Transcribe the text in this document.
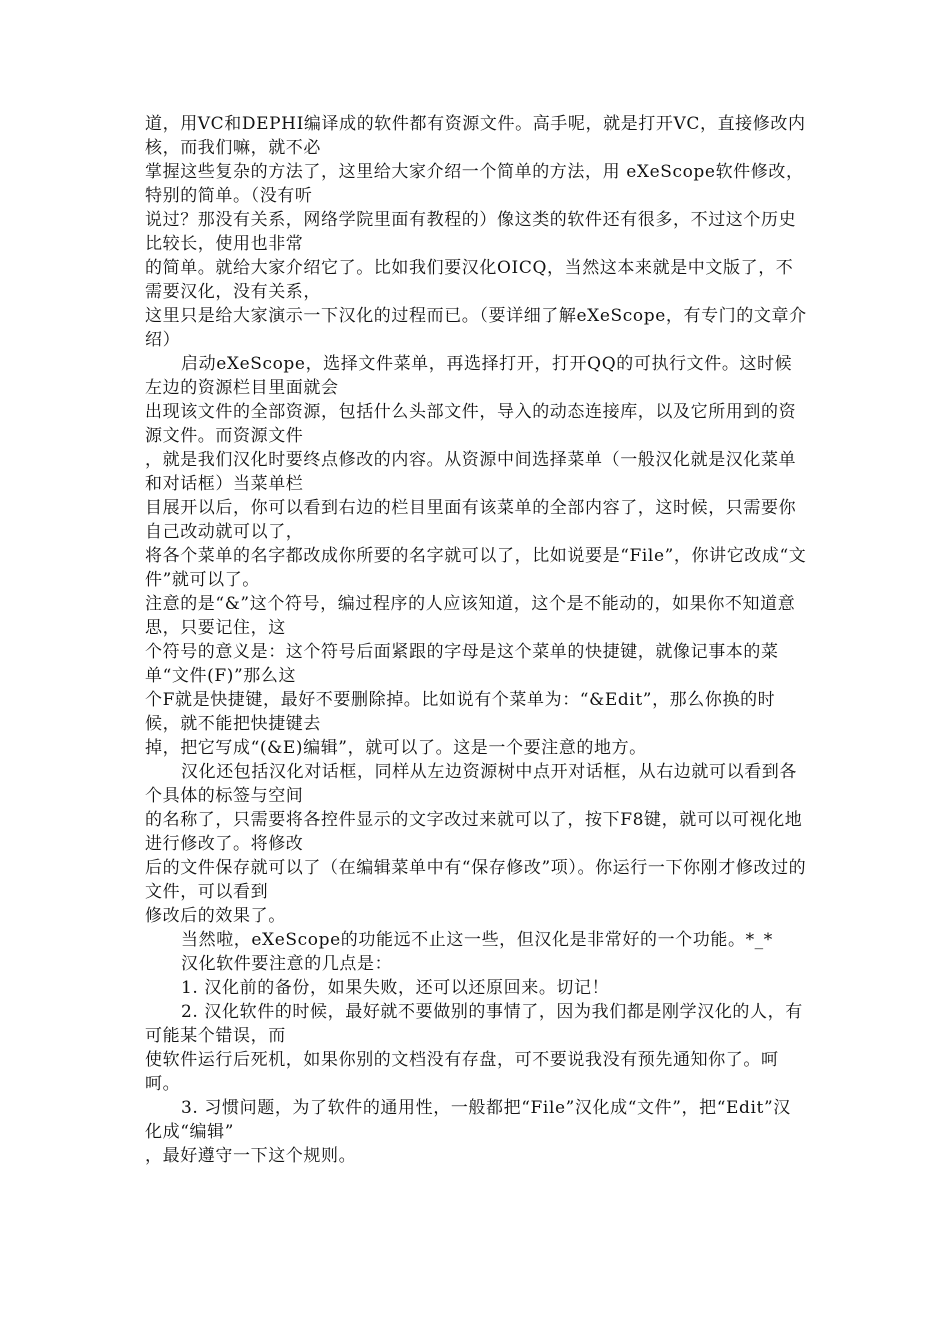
道，用VC和DEPHI编译成的软件都有资源文件。高手呢，就是打开VC，直接修改内核，而我们嘛，就不必

掌握这些复杂的方法了，这里给大家介绍一个简单的方法，用 eXeScope软件修改，特别的简单。（没有听

说过？那没有关系，网络学院里面有教程的）像这类的软件还有很多，不过这个历史比较长，使用也非常

的简单。就给大家介绍它了。比如我们要汉化OICQ，当然这本来就是中文版了，不需要汉化，没有关系，

这里只是给大家演示一下汉化的过程而已。（要详细了解eXeScope，有专门的文章介绍）

启动eXeScope，选择文件菜单，再选择打开，打开QQ的可执行文件。这时候左边的资源栏目里面就会

出现该文件的全部资源，包括什么头部文件，导入的动态连接库，以及它所用到的资源文件。而资源文件

，就是我们汉化时要终点修改的内容。从资源中间选择菜单（一般汉化就是汉化菜单和对话框）当菜单栏

目展开以后，你可以看到右边的栏目里面有该菜单的全部内容了，这时候，只需要你自己改动就可以了，

将各个菜单的名字都改成你所要的名字就可以了，比如说要是“File”，你讲它改成“文件”就可以了。

注意的是“&”这个符号，编过程序的人应该知道，这个是不能动的，如果你不知道意思，只要记住，这

个符号的意义是：这个符号后面紧跟的字母是这个菜单的快捷键，就像记事本的菜单“文件(F)”那么这

个F就是快捷键，最好不要删除掉。比如说有个菜单为：“&Edit”，那么你换的时候，就不能把快捷键去

掉，把它写成“(&E)编辑”，就可以了。这是一个要注意的地方。

汉化还包括汉化对话框，同样从左边资源树中点开对话框，从右边就可以看到各个具体的标签与空间

的名称了，只需要将各控件显示的文字改过来就可以了，按下F8键，就可以可视化地进行修改了。将修改

后的文件保存就可以了（在编辑菜单中有“保存修改”项）。你运行一下你刚才修改过的文件，可以看到

修改后的效果了。

当然啦，eXeScope的功能远不止这一些，但汉化是非常好的一个功能。*_*

汉化软件要注意的几点是：

1. 汉化前的备份，如果失败，还可以还原回来。切记！

2. 汉化软件的时候，最好就不要做别的事情了，因为我们都是刚学汉化的人，有可能某个错误，而

使软件运行后死机，如果你别的文档没有存盘，可不要说我没有预先通知你了。呵呵。

3. 习惯问题，为了软件的通用性，一般都把“File”汉化成“文件”，把“Edit”汉化成“编辑”

，最好遵守一下这个规则。
